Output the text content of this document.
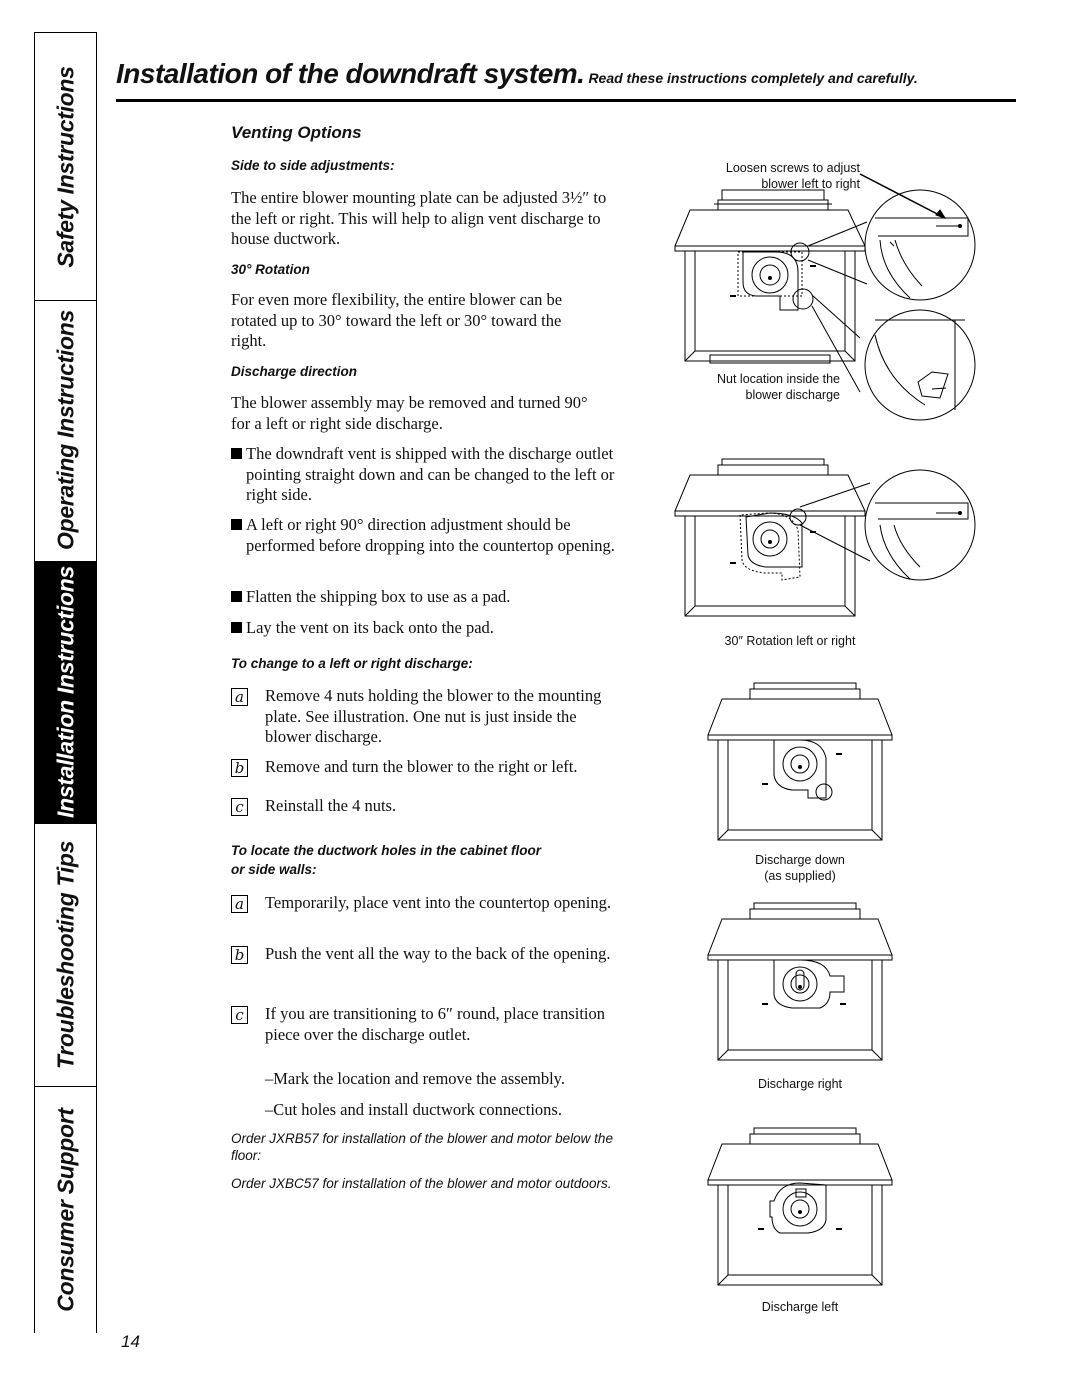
Safety Instructions
Operating Instructions
Installation Instructions
Troubleshooting Tips
Consumer Support
Installation of the downdraft system. Read these instructions completely and carefully.
Venting Options
Side to side adjustments:
The entire blower mounting plate can be adjusted 3½″ to the left or right. This will help to align vent discharge to house ductwork.
30° Rotation
For even more flexibility, the entire blower can be rotated up to 30° toward the left or 30° toward the right.
Discharge direction
The blower assembly may be removed and turned 90° for a left or right side discharge.
The downdraft vent is shipped with the discharge outlet pointing straight down and can be changed to the left or right side.
A left or right 90° direction adjustment should be performed before dropping into the countertop opening.
Flatten the shipping box to use as a pad.
Lay the vent on its back onto the pad.
To change to a left or right discharge:
a	Remove 4 nuts holding the blower to the mounting plate. See illustration. One nut is just inside the blower discharge.
b	Remove and turn the blower to the right or left.
c	Reinstall the 4 nuts.
To locate the ductwork holes in the cabinet floor
or side walls:
a	Temporarily, place vent into the countertop opening.
b	Push the vent all the way to the back of the opening.
c	If you are transitioning to 6″ round, place transition piece over the discharge outlet.
–Mark the location and remove the assembly.
–Cut holes and install ductwork connections.
Order JXRB57 for installation of the blower and motor below the floor:
Order JXBC57 for installation of the blower and motor outdoors.
14
Loosen screws to adjust
blower left to right
Nut location inside the
blower discharge
30″ Rotation left or right
Discharge down
(as supplied)
Discharge right
Discharge left
